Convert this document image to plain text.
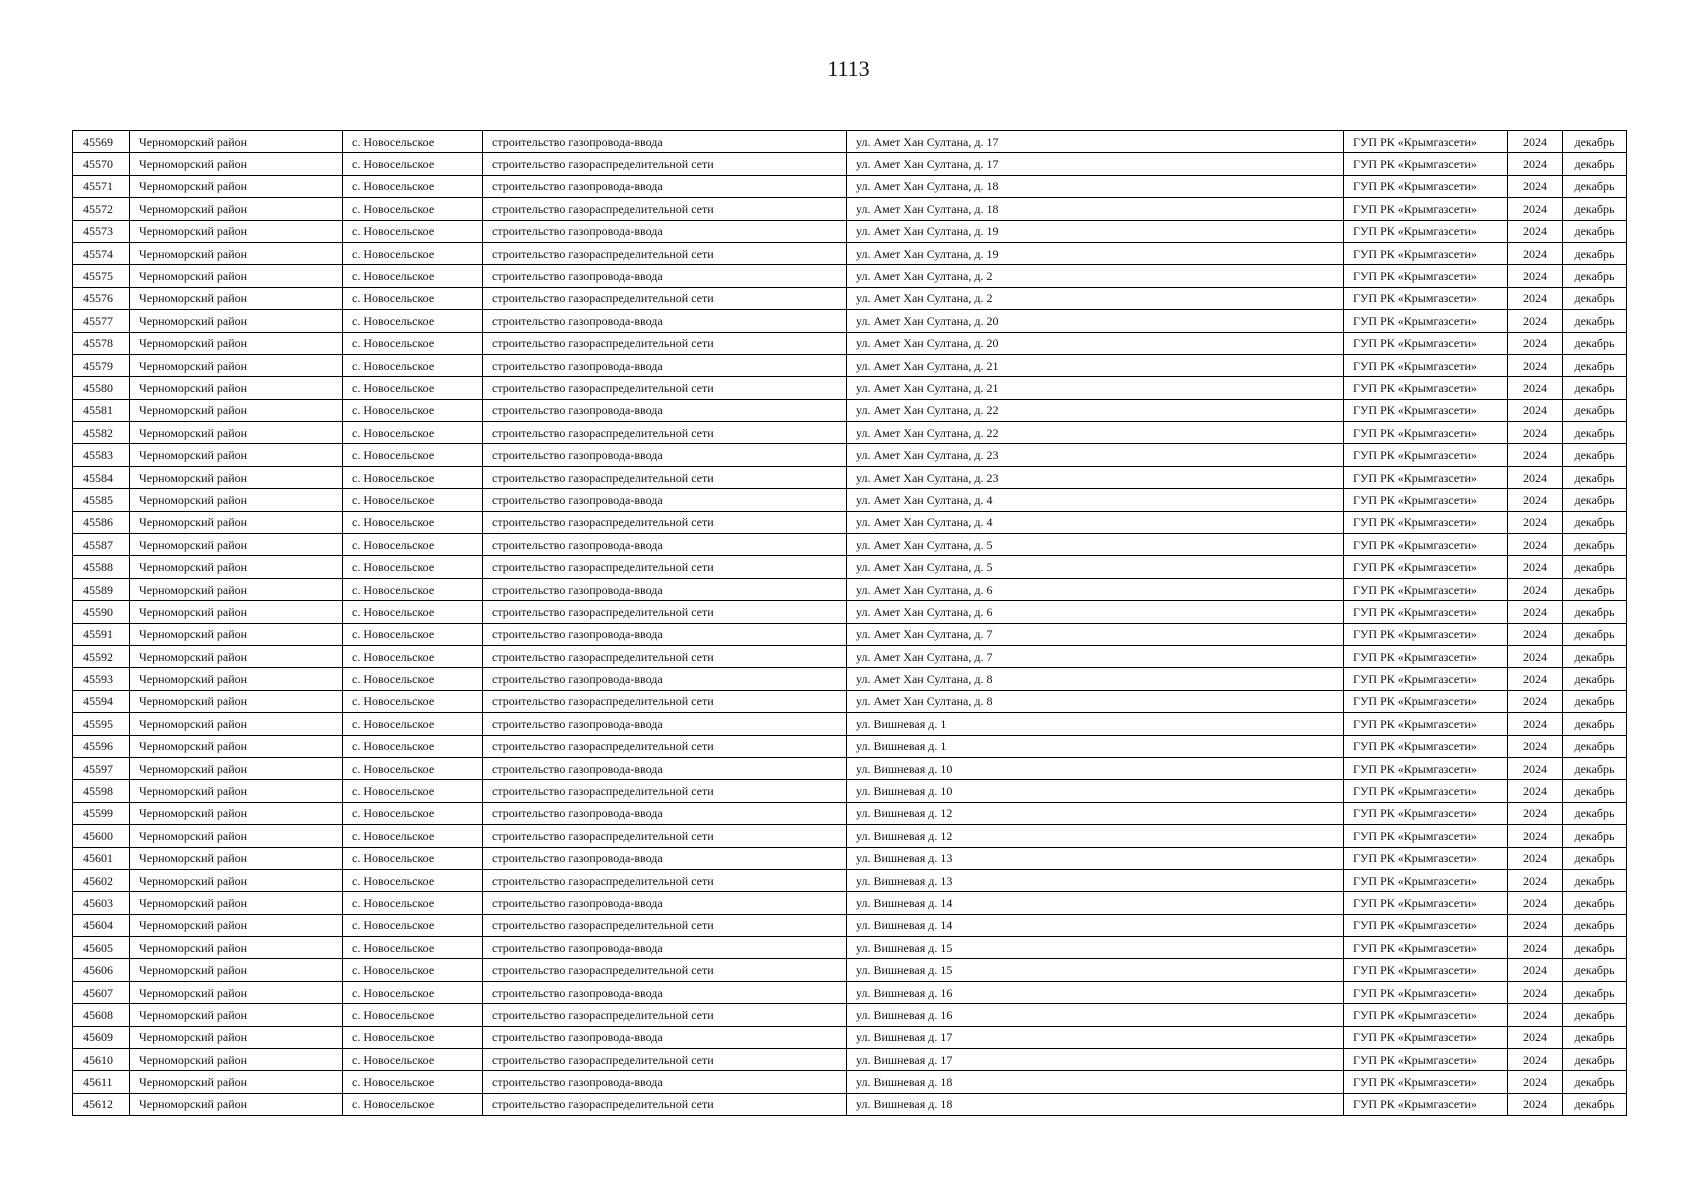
1113
45569	Черноморский район	с. Новосельское	строительство газопровода-ввода	ул. Амет Хан Султана, д. 17	ГУП РК «Крымгазсети»	2024	декабрь
45570	Черноморский район	с. Новосельское	строительство газораспределительной сети	ул. Амет Хан Султана, д. 17	ГУП РК «Крымгазсети»	2024	декабрь
45571	Черноморский район	с. Новосельское	строительство газопровода-ввода	ул. Амет Хан Султана, д. 18	ГУП РК «Крымгазсети»	2024	декабрь
45572	Черноморский район	с. Новосельское	строительство газораспределительной сети	ул. Амет Хан Султана, д. 18	ГУП РК «Крымгазсети»	2024	декабрь
45573	Черноморский район	с. Новосельское	строительство газопровода-ввода	ул. Амет Хан Султана, д. 19	ГУП РК «Крымгазсети»	2024	декабрь
45574	Черноморский район	с. Новосельское	строительство газораспределительной сети	ул. Амет Хан Султана, д. 19	ГУП РК «Крымгазсети»	2024	декабрь
45575	Черноморский район	с. Новосельское	строительство газопровода-ввода	ул. Амет Хан Султана, д. 2	ГУП РК «Крымгазсети»	2024	декабрь
45576	Черноморский район	с. Новосельское	строительство газораспределительной сети	ул. Амет Хан Султана, д. 2	ГУП РК «Крымгазсети»	2024	декабрь
45577	Черноморский район	с. Новосельское	строительство газопровода-ввода	ул. Амет Хан Султана, д. 20	ГУП РК «Крымгазсети»	2024	декабрь
45578	Черноморский район	с. Новосельское	строительство газораспределительной сети	ул. Амет Хан Султана, д. 20	ГУП РК «Крымгазсети»	2024	декабрь
45579	Черноморский район	с. Новосельское	строительство газопровода-ввода	ул. Амет Хан Султана, д. 21	ГУП РК «Крымгазсети»	2024	декабрь
45580	Черноморский район	с. Новосельское	строительство газораспределительной сети	ул. Амет Хан Султана, д. 21	ГУП РК «Крымгазсети»	2024	декабрь
45581	Черноморский район	с. Новосельское	строительство газопровода-ввода	ул. Амет Хан Султана, д. 22	ГУП РК «Крымгазсети»	2024	декабрь
45582	Черноморский район	с. Новосельское	строительство газораспределительной сети	ул. Амет Хан Султана, д. 22	ГУП РК «Крымгазсети»	2024	декабрь
45583	Черноморский район	с. Новосельское	строительство газопровода-ввода	ул. Амет Хан Султана, д. 23	ГУП РК «Крымгазсети»	2024	декабрь
45584	Черноморский район	с. Новосельское	строительство газораспределительной сети	ул. Амет Хан Султана, д. 23	ГУП РК «Крымгазсети»	2024	декабрь
45585	Черноморский район	с. Новосельское	строительство газопровода-ввода	ул. Амет Хан Султана, д. 4	ГУП РК «Крымгазсети»	2024	декабрь
45586	Черноморский район	с. Новосельское	строительство газораспределительной сети	ул. Амет Хан Султана, д. 4	ГУП РК «Крымгазсети»	2024	декабрь
45587	Черноморский район	с. Новосельское	строительство газопровода-ввода	ул. Амет Хан Султана, д. 5	ГУП РК «Крымгазсети»	2024	декабрь
45588	Черноморский район	с. Новосельское	строительство газораспределительной сети	ул. Амет Хан Султана, д. 5	ГУП РК «Крымгазсети»	2024	декабрь
45589	Черноморский район	с. Новосельское	строительство газопровода-ввода	ул. Амет Хан Султана, д. 6	ГУП РК «Крымгазсети»	2024	декабрь
45590	Черноморский район	с. Новосельское	строительство газораспределительной сети	ул. Амет Хан Султана, д. 6	ГУП РК «Крымгазсети»	2024	декабрь
45591	Черноморский район	с. Новосельское	строительство газопровода-ввода	ул. Амет Хан Султана, д. 7	ГУП РК «Крымгазсети»	2024	декабрь
45592	Черноморский район	с. Новосельское	строительство газораспределительной сети	ул. Амет Хан Султана, д. 7	ГУП РК «Крымгазсети»	2024	декабрь
45593	Черноморский район	с. Новосельское	строительство газопровода-ввода	ул. Амет Хан Султана, д. 8	ГУП РК «Крымгазсети»	2024	декабрь
45594	Черноморский район	с. Новосельское	строительство газораспределительной сети	ул. Амет Хан Султана, д. 8	ГУП РК «Крымгазсети»	2024	декабрь
45595	Черноморский район	с. Новосельское	строительство газопровода-ввода	ул. Вишневая д. 1	ГУП РК «Крымгазсети»	2024	декабрь
45596	Черноморский район	с. Новосельское	строительство газораспределительной сети	ул. Вишневая д. 1	ГУП РК «Крымгазсети»	2024	декабрь
45597	Черноморский район	с. Новосельское	строительство газопровода-ввода	ул. Вишневая д. 10	ГУП РК «Крымгазсети»	2024	декабрь
45598	Черноморский район	с. Новосельское	строительство газораспределительной сети	ул. Вишневая д. 10	ГУП РК «Крымгазсети»	2024	декабрь
45599	Черноморский район	с. Новосельское	строительство газопровода-ввода	ул. Вишневая д. 12	ГУП РК «Крымгазсети»	2024	декабрь
45600	Черноморский район	с. Новосельское	строительство газораспределительной сети	ул. Вишневая д. 12	ГУП РК «Крымгазсети»	2024	декабрь
45601	Черноморский район	с. Новосельское	строительство газопровода-ввода	ул. Вишневая д. 13	ГУП РК «Крымгазсети»	2024	декабрь
45602	Черноморский район	с. Новосельское	строительство газораспределительной сети	ул. Вишневая д. 13	ГУП РК «Крымгазсети»	2024	декабрь
45603	Черноморский район	с. Новосельское	строительство газопровода-ввода	ул. Вишневая д. 14	ГУП РК «Крымгазсети»	2024	декабрь
45604	Черноморский район	с. Новосельское	строительство газораспределительной сети	ул. Вишневая д. 14	ГУП РК «Крымгазсети»	2024	декабрь
45605	Черноморский район	с. Новосельское	строительство газопровода-ввода	ул. Вишневая д. 15	ГУП РК «Крымгазсети»	2024	декабрь
45606	Черноморский район	с. Новосельское	строительство газораспределительной сети	ул. Вишневая д. 15	ГУП РК «Крымгазсети»	2024	декабрь
45607	Черноморский район	с. Новосельское	строительство газопровода-ввода	ул. Вишневая д. 16	ГУП РК «Крымгазсети»	2024	декабрь
45608	Черноморский район	с. Новосельское	строительство газораспределительной сети	ул. Вишневая д. 16	ГУП РК «Крымгазсети»	2024	декабрь
45609	Черноморский район	с. Новосельское	строительство газопровода-ввода	ул. Вишневая д. 17	ГУП РК «Крымгазсети»	2024	декабрь
45610	Черноморский район	с. Новосельское	строительство газораспределительной сети	ул. Вишневая д. 17	ГУП РК «Крымгазсети»	2024	декабрь
45611	Черноморский район	с. Новосельское	строительство газопровода-ввода	ул. Вишневая д. 18	ГУП РК «Крымгазсети»	2024	декабрь
45612	Черноморский район	с. Новосельское	строительство газораспределительной сети	ул. Вишневая д. 18	ГУП РК «Крымгазсети»	2024	декабрь
